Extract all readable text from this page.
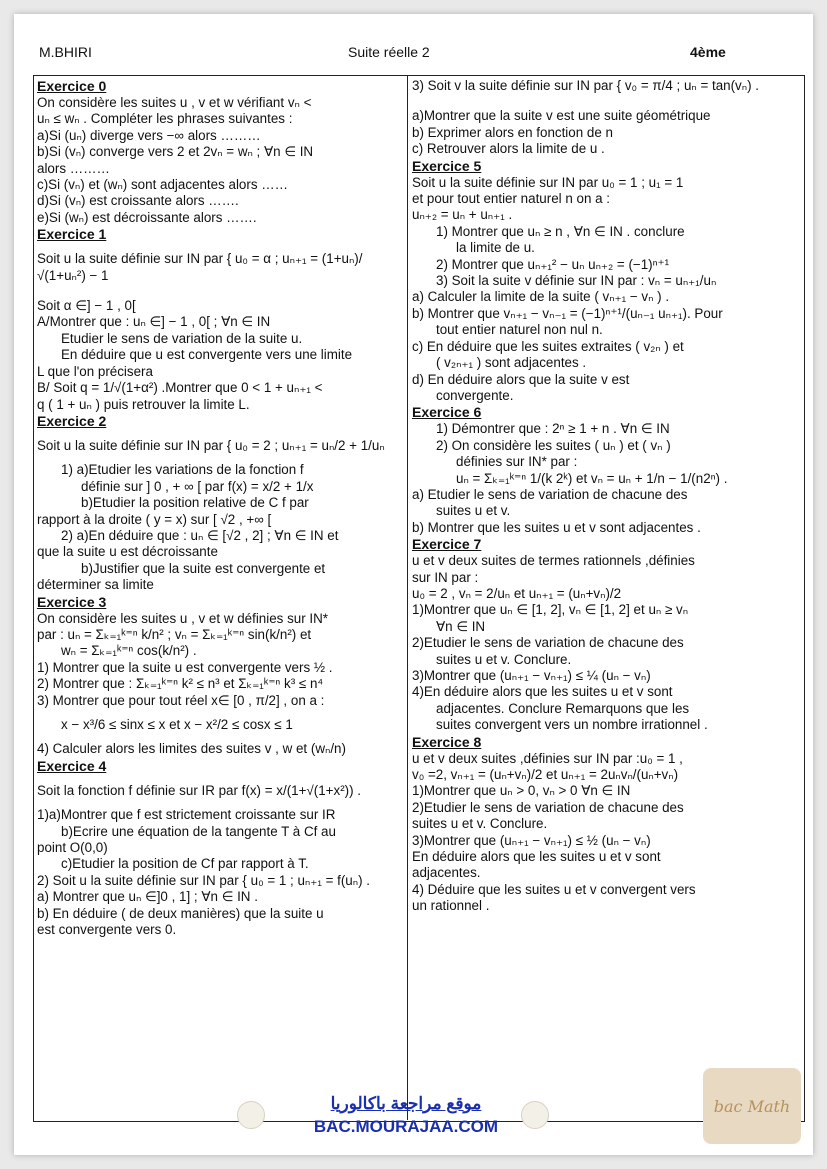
M.BHIRI	Suite réelle 2	4ème
Exercice 0
On considère les suites u , v et w vérifiant vₙ <
uₙ ≤ wₙ . Compléter les phrases suivantes :
a)Si (uₙ) diverge vers −∞ alors ………
b)Si (vₙ) converge vers 2 et 2vₙ = wₙ ; ∀n ∈ IN
alors ………
c)Si (vₙ) et (wₙ) sont adjacentes alors ……
d)Si (vₙ) est croissante alors …….
e)Si (wₙ) est décroissante alors …….
Exercice 1
Soit u la suite définie sur IN par { u₀ = α ; uₙ₊₁ = (1+uₙ)/√(1+uₙ²) − 1
Soit α ∈] − 1 , 0[
A/Montrer que : uₙ ∈] − 1 , 0[ ; ∀n ∈ IN
Etudier le sens de variation de la suite u.
En déduire que u est convergente vers une limite
L que l'on précisera
B/ Soit q = 1/√(1+α²) .Montrer que 0 < 1 + uₙ₊₁ <
q ( 1 + uₙ ) puis retrouver la limite L.
Exercice 2
Soit u la suite définie sur IN par { u₀ = 2 ; uₙ₊₁ = uₙ/2 + 1/uₙ
1) a)Etudier les variations de la fonction f
définie sur ] 0 , + ∞ [ par f(x) = x/2 + 1/x
b)Etudier la position relative de C f par
rapport à la droite ( y = x) sur [ √2 , +∞ [
2) a)En déduire que : uₙ ∈ [√2 , 2] ; ∀n ∈ IN et
que la suite u est décroissante
b)Justifier que la suite est convergente et
déterminer sa limite
Exercice 3
On considère les suites u , v et w définies sur IN*
par : uₙ = Σₖ₌₁ᵏ⁼ⁿ k/n² ; vₙ = Σₖ₌₁ᵏ⁼ⁿ sin(k/n²) et
wₙ = Σₖ₌₁ᵏ⁼ⁿ cos(k/n²) .
1) Montrer que la suite u est convergente vers ½ .
2) Montrer que : Σₖ₌₁ᵏ⁼ⁿ k² ≤ n³ et Σₖ₌₁ᵏ⁼ⁿ k³ ≤ n⁴
3) Montrer que pour tout réel x∈ [0 , π/2] , on a :
x − x³/6 ≤ sinx ≤ x et x − x²/2 ≤ cosx ≤ 1
4) Calculer alors les limites des suites v , w et (wₙ/n)
Exercice 4
Soit la fonction f définie sur IR par f(x) = x/(1+√(1+x²)) .
1)a)Montrer que f est strictement croissante sur IR
b)Ecrire une équation de la tangente T à Cf au
point O(0,0)
c)Etudier la position de Cf par rapport à T.
2) Soit u la suite définie sur IN par { u₀ = 1 ; uₙ₊₁ = f(uₙ) .
a) Montrer que uₙ ∈]0 , 1] ; ∀n ∈ IN .
b) En déduire ( de deux manières) que la suite u
est convergente vers 0.
3) Soit v la suite définie sur IN par { v₀ = π/4 ; uₙ = tan(vₙ) .
a)Montrer que la suite v est une suite géométrique
b) Exprimer alors en fonction de n
c) Retrouver alors la limite de u .
Exercice 5
Soit u la suite définie sur IN par u₀ = 1 ; u₁ = 1
et pour tout entier naturel n on a :
uₙ₊₂ = uₙ + uₙ₊₁ .
1) Montrer que uₙ ≥ n , ∀n ∈ IN . conclure
la limite de u.
2) Montrer que uₙ₊₁² − uₙ uₙ₊₂ = (−1)ⁿ⁺¹
3) Soit la suite v définie sur IN par : vₙ = uₙ₊₁/uₙ
a) Calculer la limite de la suite ( vₙ₊₁ − vₙ ) .
b) Montrer que vₙ₊₁ − vₙ₋₁ = (−1)ⁿ⁺¹/(uₙ₋₁ uₙ₊₁). Pour
tout entier naturel non nul n.
c) En déduire que les suites extraites ( v₂ₙ ) et
( v₂ₙ₊₁ ) sont adjacentes .
d) En déduire alors que la suite v est
convergente.
Exercice 6
1) Démontrer que : 2ⁿ ≥ 1 + n . ∀n ∈ IN
2) On considère les suites ( uₙ ) et ( vₙ )
définies sur IN* par :
uₙ = Σₖ₌₁ᵏ⁼ⁿ 1/(k 2ᵏ) et vₙ = uₙ + 1/n − 1/(n2ⁿ) .
a) Etudier le sens de variation de chacune des
suites u et v.
b) Montrer que les suites u et v sont adjacentes .
Exercice 7
u et v deux suites de termes rationnels ,définies
sur IN par :
u₀ = 2 , vₙ = 2/uₙ et uₙ₊₁ = (uₙ+vₙ)/2
1)Montrer que uₙ ∈ [1, 2], vₙ ∈ [1, 2] et uₙ ≥ vₙ
∀n ∈ IN
2)Etudier le sens de variation de chacune des
suites u et v. Conclure.
3)Montrer que (uₙ₊₁ − vₙ₊₁) ≤ ¼ (uₙ − vₙ)
4)En déduire alors que les suites u et v sont
adjacentes. Conclure Remarquons que les
suites convergent vers un nombre irrationnel .
Exercice 8
u et v deux suites ,définies sur IN par :u₀ = 1 ,
v₀ =2, vₙ₊₁ = (uₙ+vₙ)/2 et uₙ₊₁ = 2uₙvₙ/(uₙ+vₙ)
1)Montrer que uₙ > 0, vₙ > 0 ∀n ∈ IN
2)Etudier le sens de variation de chacune des
suites u et v. Conclure.
3)Montrer que (uₙ₊₁ − vₙ₊₁) ≤ ½ (uₙ − vₙ)
En déduire alors que les suites u et v sont
adjacentes.
4) Déduire que les suites u et v convergent vers
un rationnel .
موقع مراجعة باكالوريا
BAC.MOURAJAA.COM
bac Math
